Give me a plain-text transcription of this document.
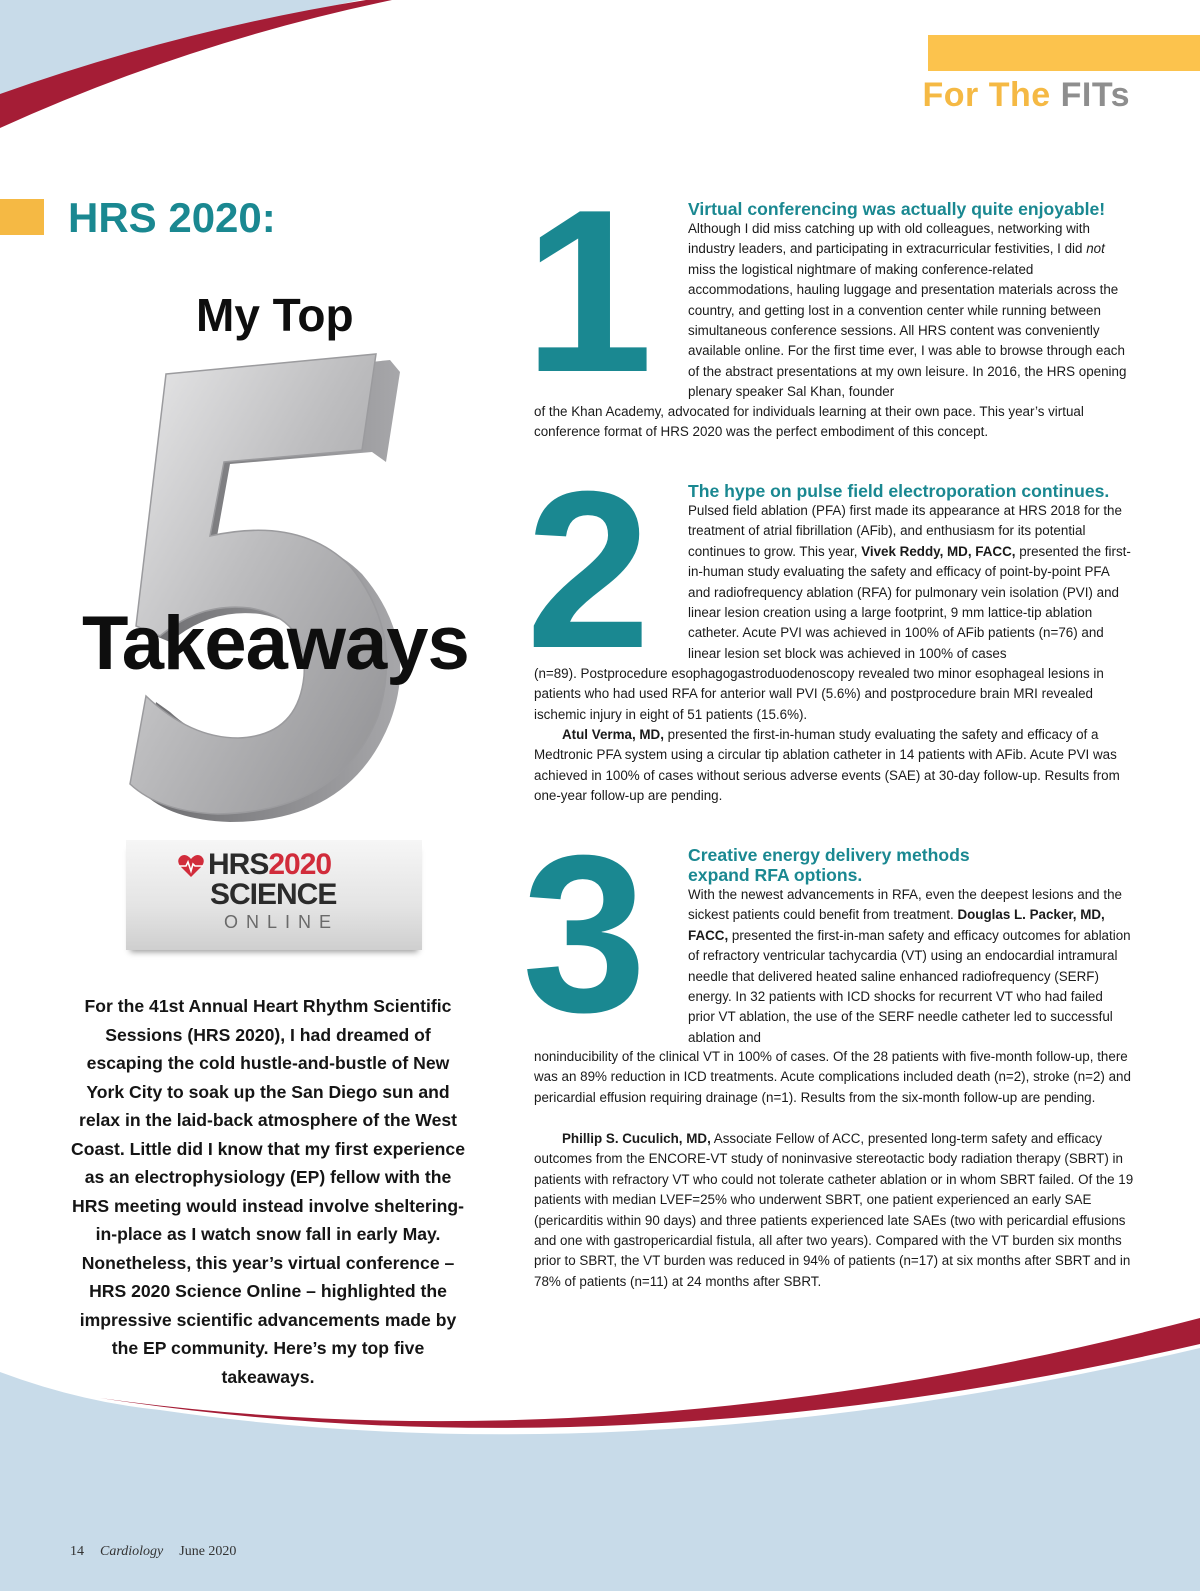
For The FITs
HRS 2020:
My Top
Takeaways
HRS2020
SCIENCE
ONLINE

For the 41st Annual Heart Rhythm Scientific Sessions (HRS 2020), I had dreamed of escaping the cold hustle-and-bustle of New York City to soak up the San Diego sun and relax in the laid-back atmosphere of the West Coast. Little did I know that my first experience as an electrophysiology (EP) fellow with the HRS meeting would instead involve sheltering-in-place as I watch snow fall in early May. Nonetheless, this year’s virtual conference – HRS 2020 Science Online – highlighted the impressive scientific advancements made by the EP community. Here’s my top five takeaways.

1 Virtual conferencing was actually quite enjoyable!

Although I did miss catching up with old colleagues, networking with industry leaders, and participating in extracurricular festivities, I did not miss the logistical nightmare of making conference-related accommodations, hauling luggage and presentation materials across the country, and getting lost in a convention center while running between simultaneous conference sessions. All HRS content was conveniently available online. For the first time ever, I was able to browse through each of the abstract presentations at my own leisure. In 2016, the HRS opening plenary speaker Sal Khan, founder

of the Khan Academy, advocated for individuals learning at their own pace. This year’s virtual conference format of HRS 2020 was the perfect embodiment of this concept.

2 The hype on pulse field electroporation continues.

Pulsed field ablation (PFA) first made its appearance at HRS 2018 for the treatment of atrial fibrillation (AFib), and enthusiasm for its potential continues to grow. This year, Vivek Reddy, MD, FACC, presented the first-in-human study evaluating the safety and efficacy of point-by-point PFA and radiofrequency ablation (RFA) for pulmonary vein isolation (PVI) and linear lesion creation using a large footprint, 9 mm lattice-tip ablation catheter. Acute PVI was achieved in 100% of AFib patients (n=76) and linear lesion set block was achieved in 100% of cases

(n=89). Postprocedure esophagogastroduodenoscopy revealed two minor esophageal lesions in patients who had used RFA for anterior wall PVI (5.6%) and postprocedure brain MRI revealed ischemic injury in eight of 51 patients (15.6%).

Atul Verma, MD, presented the first-in-human study evaluating the safety and efficacy of a Medtronic PFA system using a circular tip ablation catheter in 14 patients with AFib. Acute PVI was achieved in 100% of cases without serious adverse events (SAE) at 30-day follow-up. Results from one-year follow-up are pending.

3 Creative energy delivery methods expand RFA options.

With the newest advancements in RFA, even the deepest lesions and the sickest patients could benefit from treatment. Douglas L. Packer, MD, FACC, presented the first-in-man safety and efficacy outcomes for ablation of refractory ventricular tachycardia (VT) using an endocardial intramural needle that delivered heated saline enhanced radiofrequency (SERF) energy. In 32 patients with ICD shocks for recurrent VT who had failed prior VT ablation, the use of the SERF needle catheter led to successful ablation and

noninducibility of the clinical VT in 100% of cases. Of the 28 patients with five-month follow-up, there was an 89% reduction in ICD treatments. Acute complications included death (n=2), stroke (n=2) and pericardial effusion requiring drainage (n=1). Results from the six-month follow-up are pending.

Phillip S. Cuculich, MD, Associate Fellow of ACC, presented long-term safety and efficacy outcomes from the ENCORE-VT study of noninvasive stereotactic body radiation therapy (SBRT) in patients with refractory VT who could not tolerate catheter ablation or in whom SBRT failed. Of the 19 patients with median LVEF=25% who underwent SBRT, one patient experienced an early SAE (pericarditis within 90 days) and three patients experienced late SAEs (two with pericardial effusions and one with gastropericardial fistula, all after two years). Compared with the VT burden six months prior to SBRT, the VT burden was reduced in 94% of patients (n=17) at six months after SBRT and in 78% of patients (n=11) at 24 months after SBRT.

14 Cardiology June 2020
